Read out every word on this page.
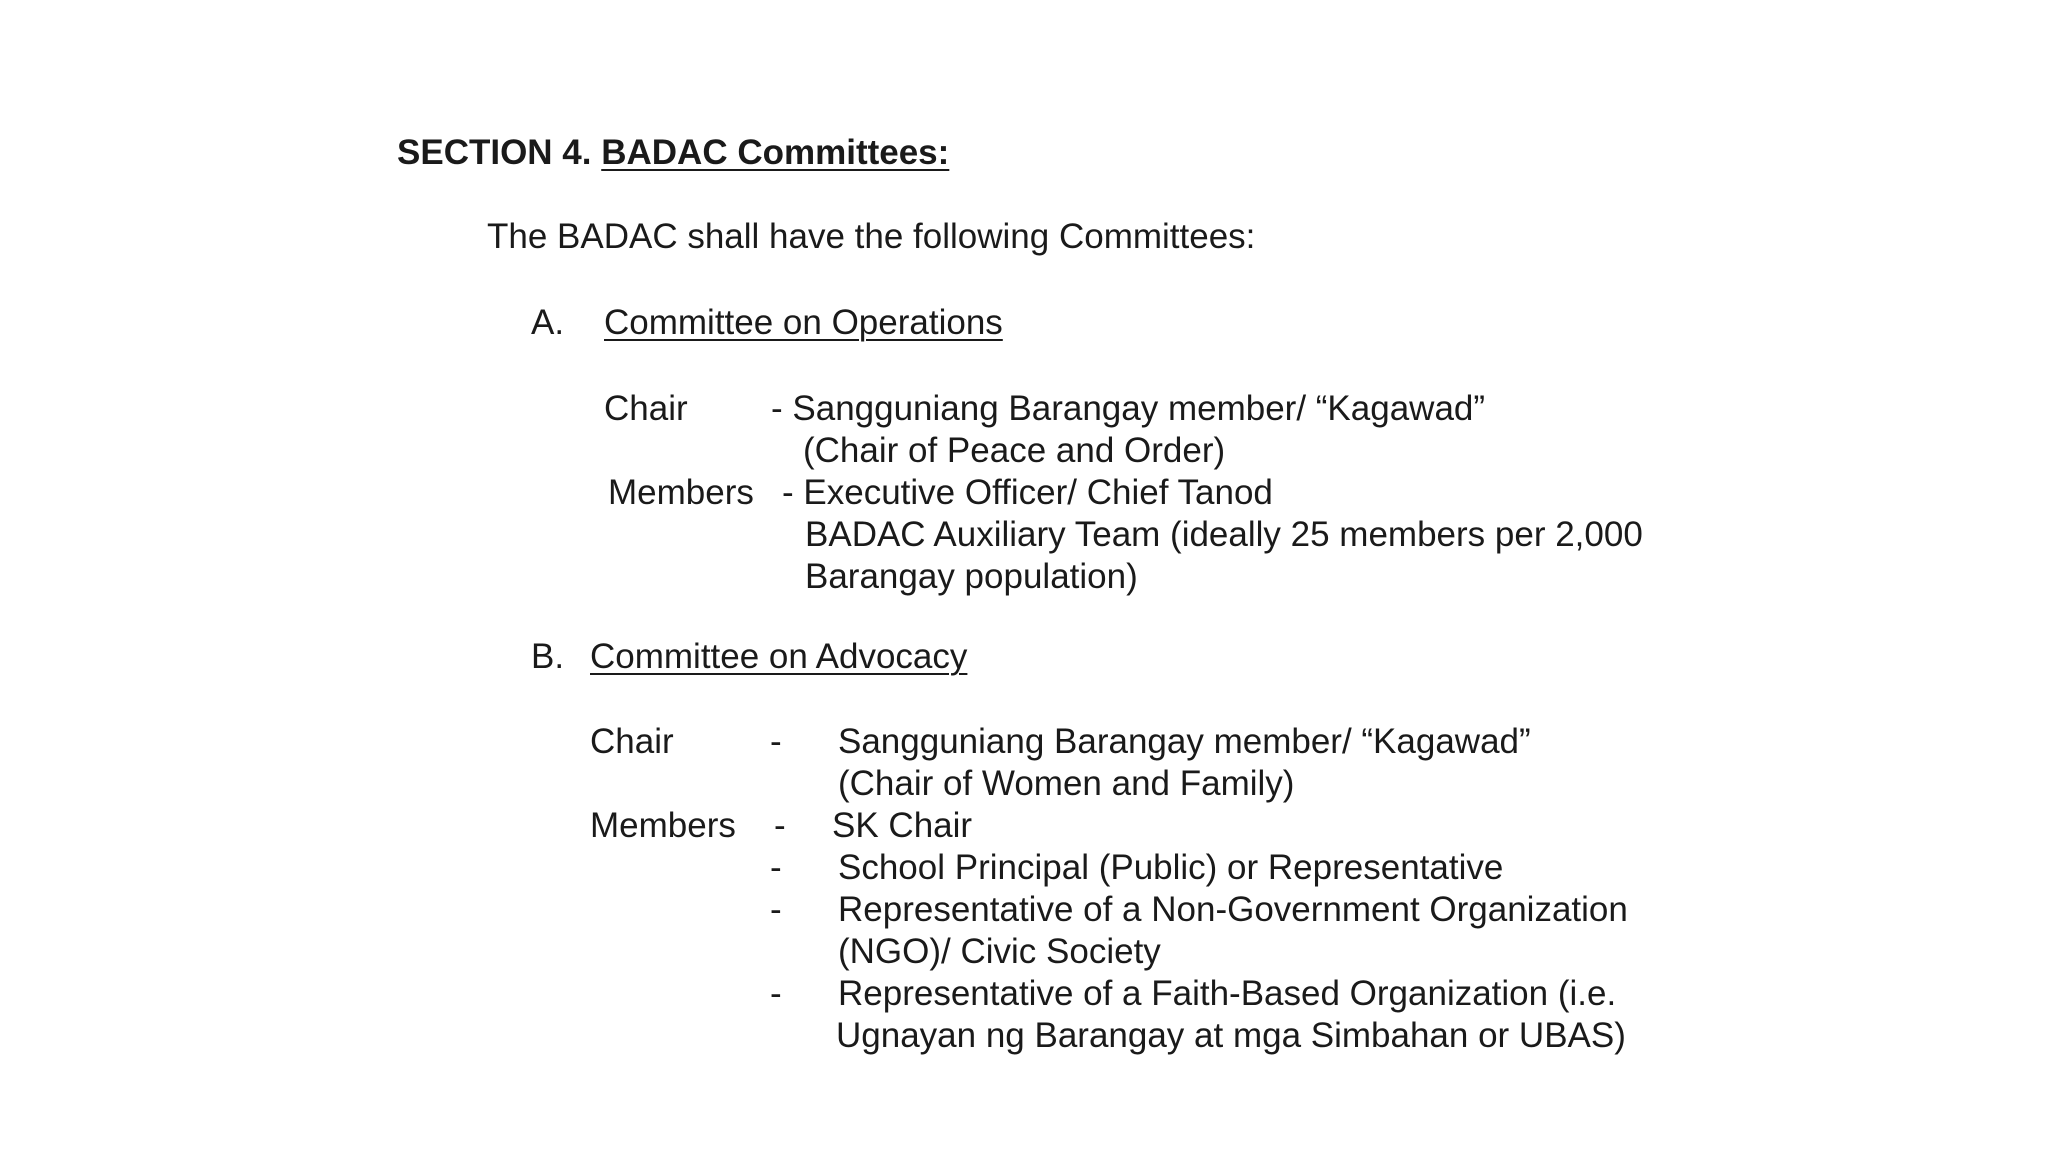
SECTION 4. BADAC Committees:
The BADAC shall have the following Committees:
A. Committee on Operations
Chair - Sangguniang Barangay member/ “Kagawad”
(Chair of Peace and Order)
Members - Executive Officer/ Chief Tanod
BADAC Auxiliary Team (ideally 25 members per 2,000
Barangay population)
B. Committee on Advocacy
Chair	- Sangguniang Barangay member/ “Kagawad”
(Chair of Women and Family)
Members - SK Chair
- School Principal (Public) or Representative
- Representative of a Non-Government Organization
(NGO)/ Civic Society
- Representative of a Faith-Based Organization (i.e.
Ugnayan ng Barangay at mga Simbahan or UBAS)
